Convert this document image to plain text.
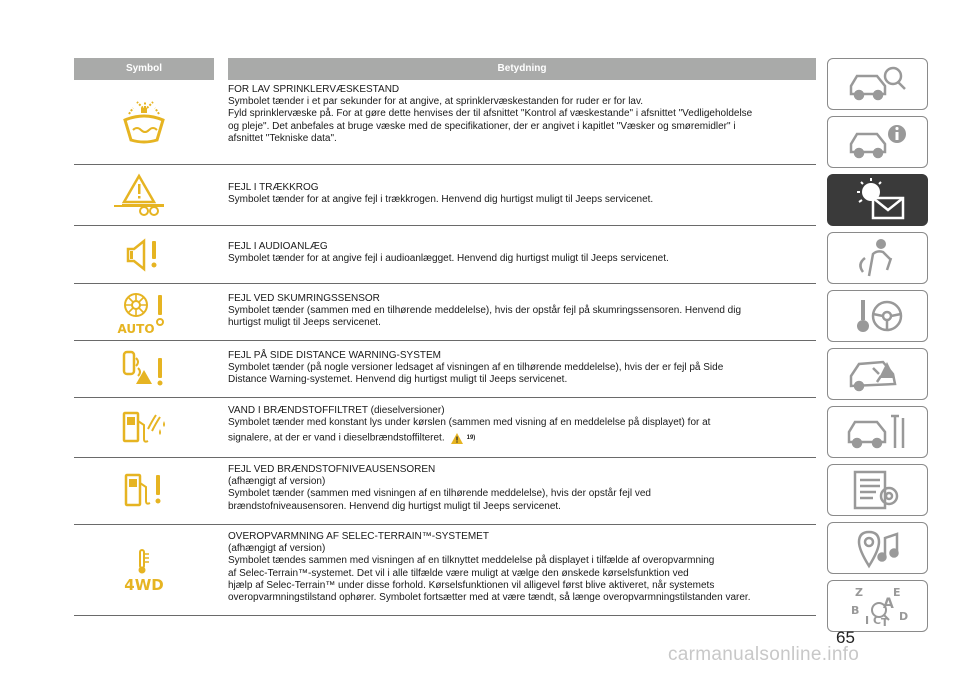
Symbol	Betydning
FOR LAV SPRINKLERVÆSKESTAND
Symbolet tænder i et par sekunder for at angive, at sprinklervæskestanden for ruder er for lav.
Fyld sprinklervæske på. For at gøre dette henvises der til afsnittet "Kontrol af væskestande" i afsnittet "Vedligeholdelse
og pleje". Det anbefales at bruge væske med de specifikationer, der er angivet i kapitlet "Væsker og smøremidler" i
afsnittet "Tekniske data".
FEJL I TRÆKKROG
Symbolet tænder for at angive fejl i trækkrogen. Henvend dig hurtigst muligt til Jeeps servicenet.
FEJL I AUDIOANLÆG
Symbolet tænder for at angive fejl i audioanlægget. Henvend dig hurtigst muligt til Jeeps servicenet.
AUTO
FEJL VED SKUMRINGSSENSOR
Symbolet tænder (sammen med en tilhørende meddelelse), hvis der opstår fejl på skumringssensoren. Henvend dig
hurtigst muligt til Jeeps servicenet.
FEJL PÅ SIDE DISTANCE WARNING-SYSTEM
Symbolet tænder (på nogle versioner ledsaget af visningen af en tilhørende meddelelse), hvis der er fejl på Side
Distance Warning-systemet. Henvend dig hurtigst muligt til Jeeps servicenet.
VAND I BRÆNDSTOFFILTRET (dieselversioner)
Symbolet tænder med konstant lys under kørslen (sammen med visning af en meddelelse på displayet) for at
signalere, at der er vand i dieselbrændstoffilteret.	19)
FEJL VED BRÆNDSTOFNIVEAUSENSOREN
(afhængigt af version)
Symbolet tænder (sammen med visningen af en tilhørende meddelelse), hvis der opstår fejl ved
brændstofniveausensoren. Henvend dig hurtigst muligt til Jeeps servicenet.
4WD
OVEROPVARMNING AF SELEC-TERRAIN™-SYSTEMET
(afhængigt af version)
Symbolet tændes sammen med visningen af en tilknyttet meddelelse på displayet i tilfælde af overopvarmning
af Selec-Terrain™-systemet. Det vil i alle tilfælde være muligt at vælge den ønskede kørselsfunktion ved
hjælp af Selec-Terrain™ under disse forhold. Kørselsfunktionen vil alligevel først blive aktiveret, når systemets
overopvarmningstilstand ophører. Symbolet fortsætter med at være tændt, så længe overopvarmningstilstanden varer.	Z	E
A
B
I C T D
65
carmanualsonline.info
